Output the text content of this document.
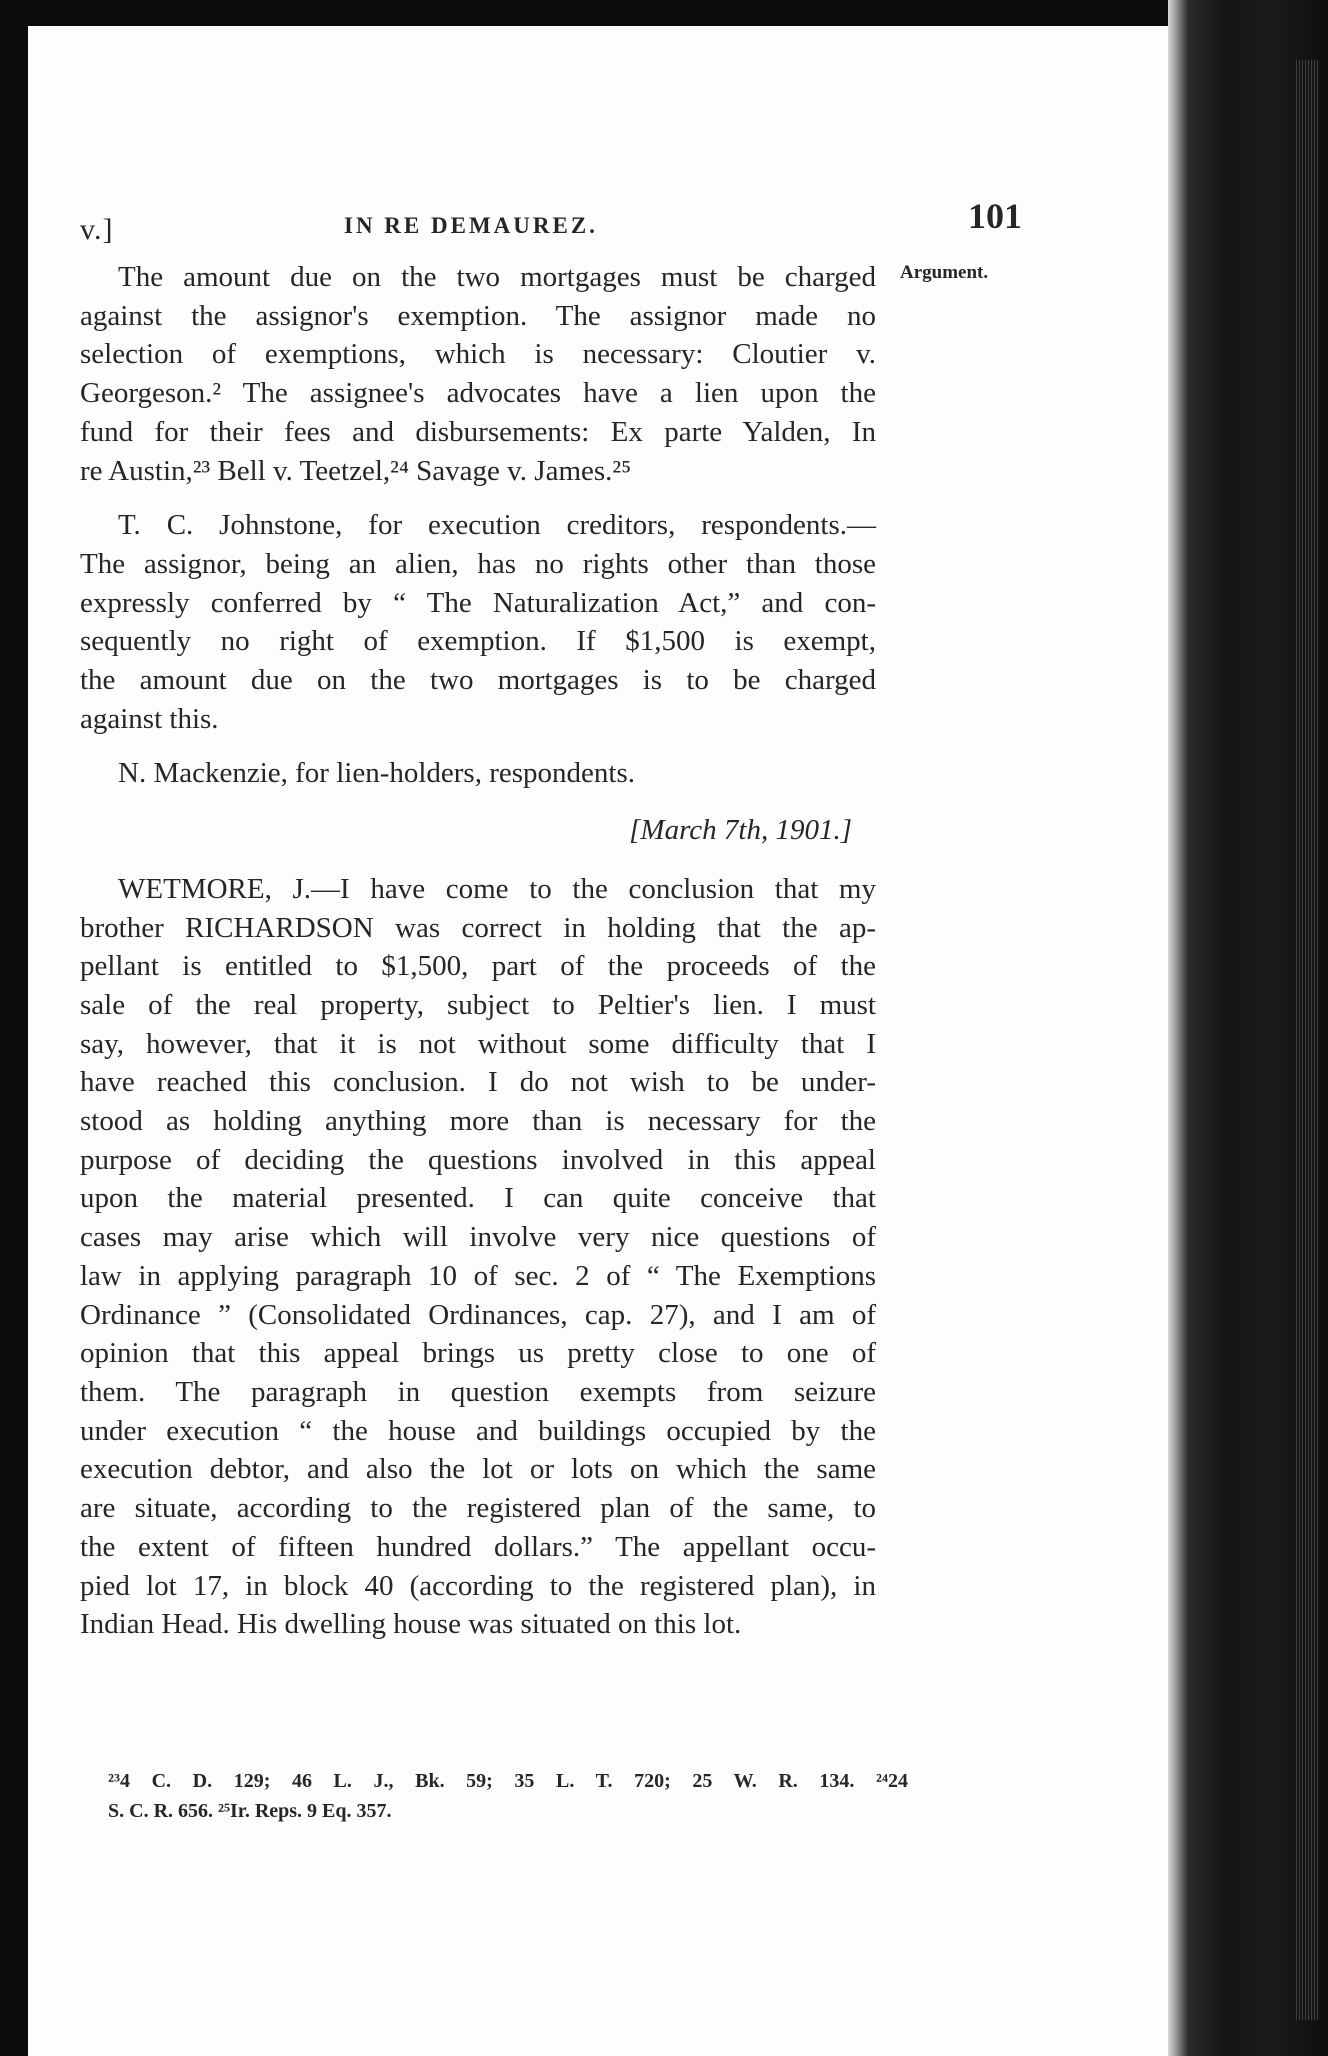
v.]	IN RE DEMAUREZ.	101
Argument.
The amount due on the two mortgages must be charged
against the assignor's exemption. The assignor made no
selection of exemptions, which is necessary: Cloutier v.
Georgeson.² The assignee's advocates have a lien upon the
fund for their fees and disbursements: Ex parte Yalden, In
re Austin,²³ Bell v. Teetzel,²⁴ Savage v. James.²⁵
T. C. Johnstone, for execution creditors, respondents.—
The assignor, being an alien, has no rights other than those
expressly conferred by “ The Naturalization Act,” and con-
sequently no right of exemption. If $1,500 is exempt,
the amount due on the two mortgages is to be charged
against this.
N. Mackenzie, for lien-holders, respondents.
[March 7th, 1901.]
WETMORE, J.—I have come to the conclusion that my
brother RICHARDSON was correct in holding that the ap-
pellant is entitled to $1,500, part of the proceeds of the
sale of the real property, subject to Peltier's lien. I must
say, however, that it is not without some difficulty that I
have reached this conclusion. I do not wish to be under-
stood as holding anything more than is necessary for the
purpose of deciding the questions involved in this appeal
upon the material presented. I can quite conceive that
cases may arise which will involve very nice questions of
law in applying paragraph 10 of sec. 2 of “ The Exemptions
Ordinance ” (Consolidated Ordinances, cap. 27), and I am of
opinion that this appeal brings us pretty close to one of
them. The paragraph in question exempts from seizure
under execution “ the house and buildings occupied by the
execution debtor, and also the lot or lots on which the same
are situate, according to the registered plan of the same, to
the extent of fifteen hundred dollars.” The appellant occu-
pied lot 17, in block 40 (according to the registered plan), in
Indian Head. His dwelling house was situated on this lot.
²³4 C. D. 129; 46 L. J., Bk. 59; 35 L. T. 720; 25 W. R. 134. ²⁴24
S. C. R. 656. ²⁵Ir. Reps. 9 Eq. 357.
